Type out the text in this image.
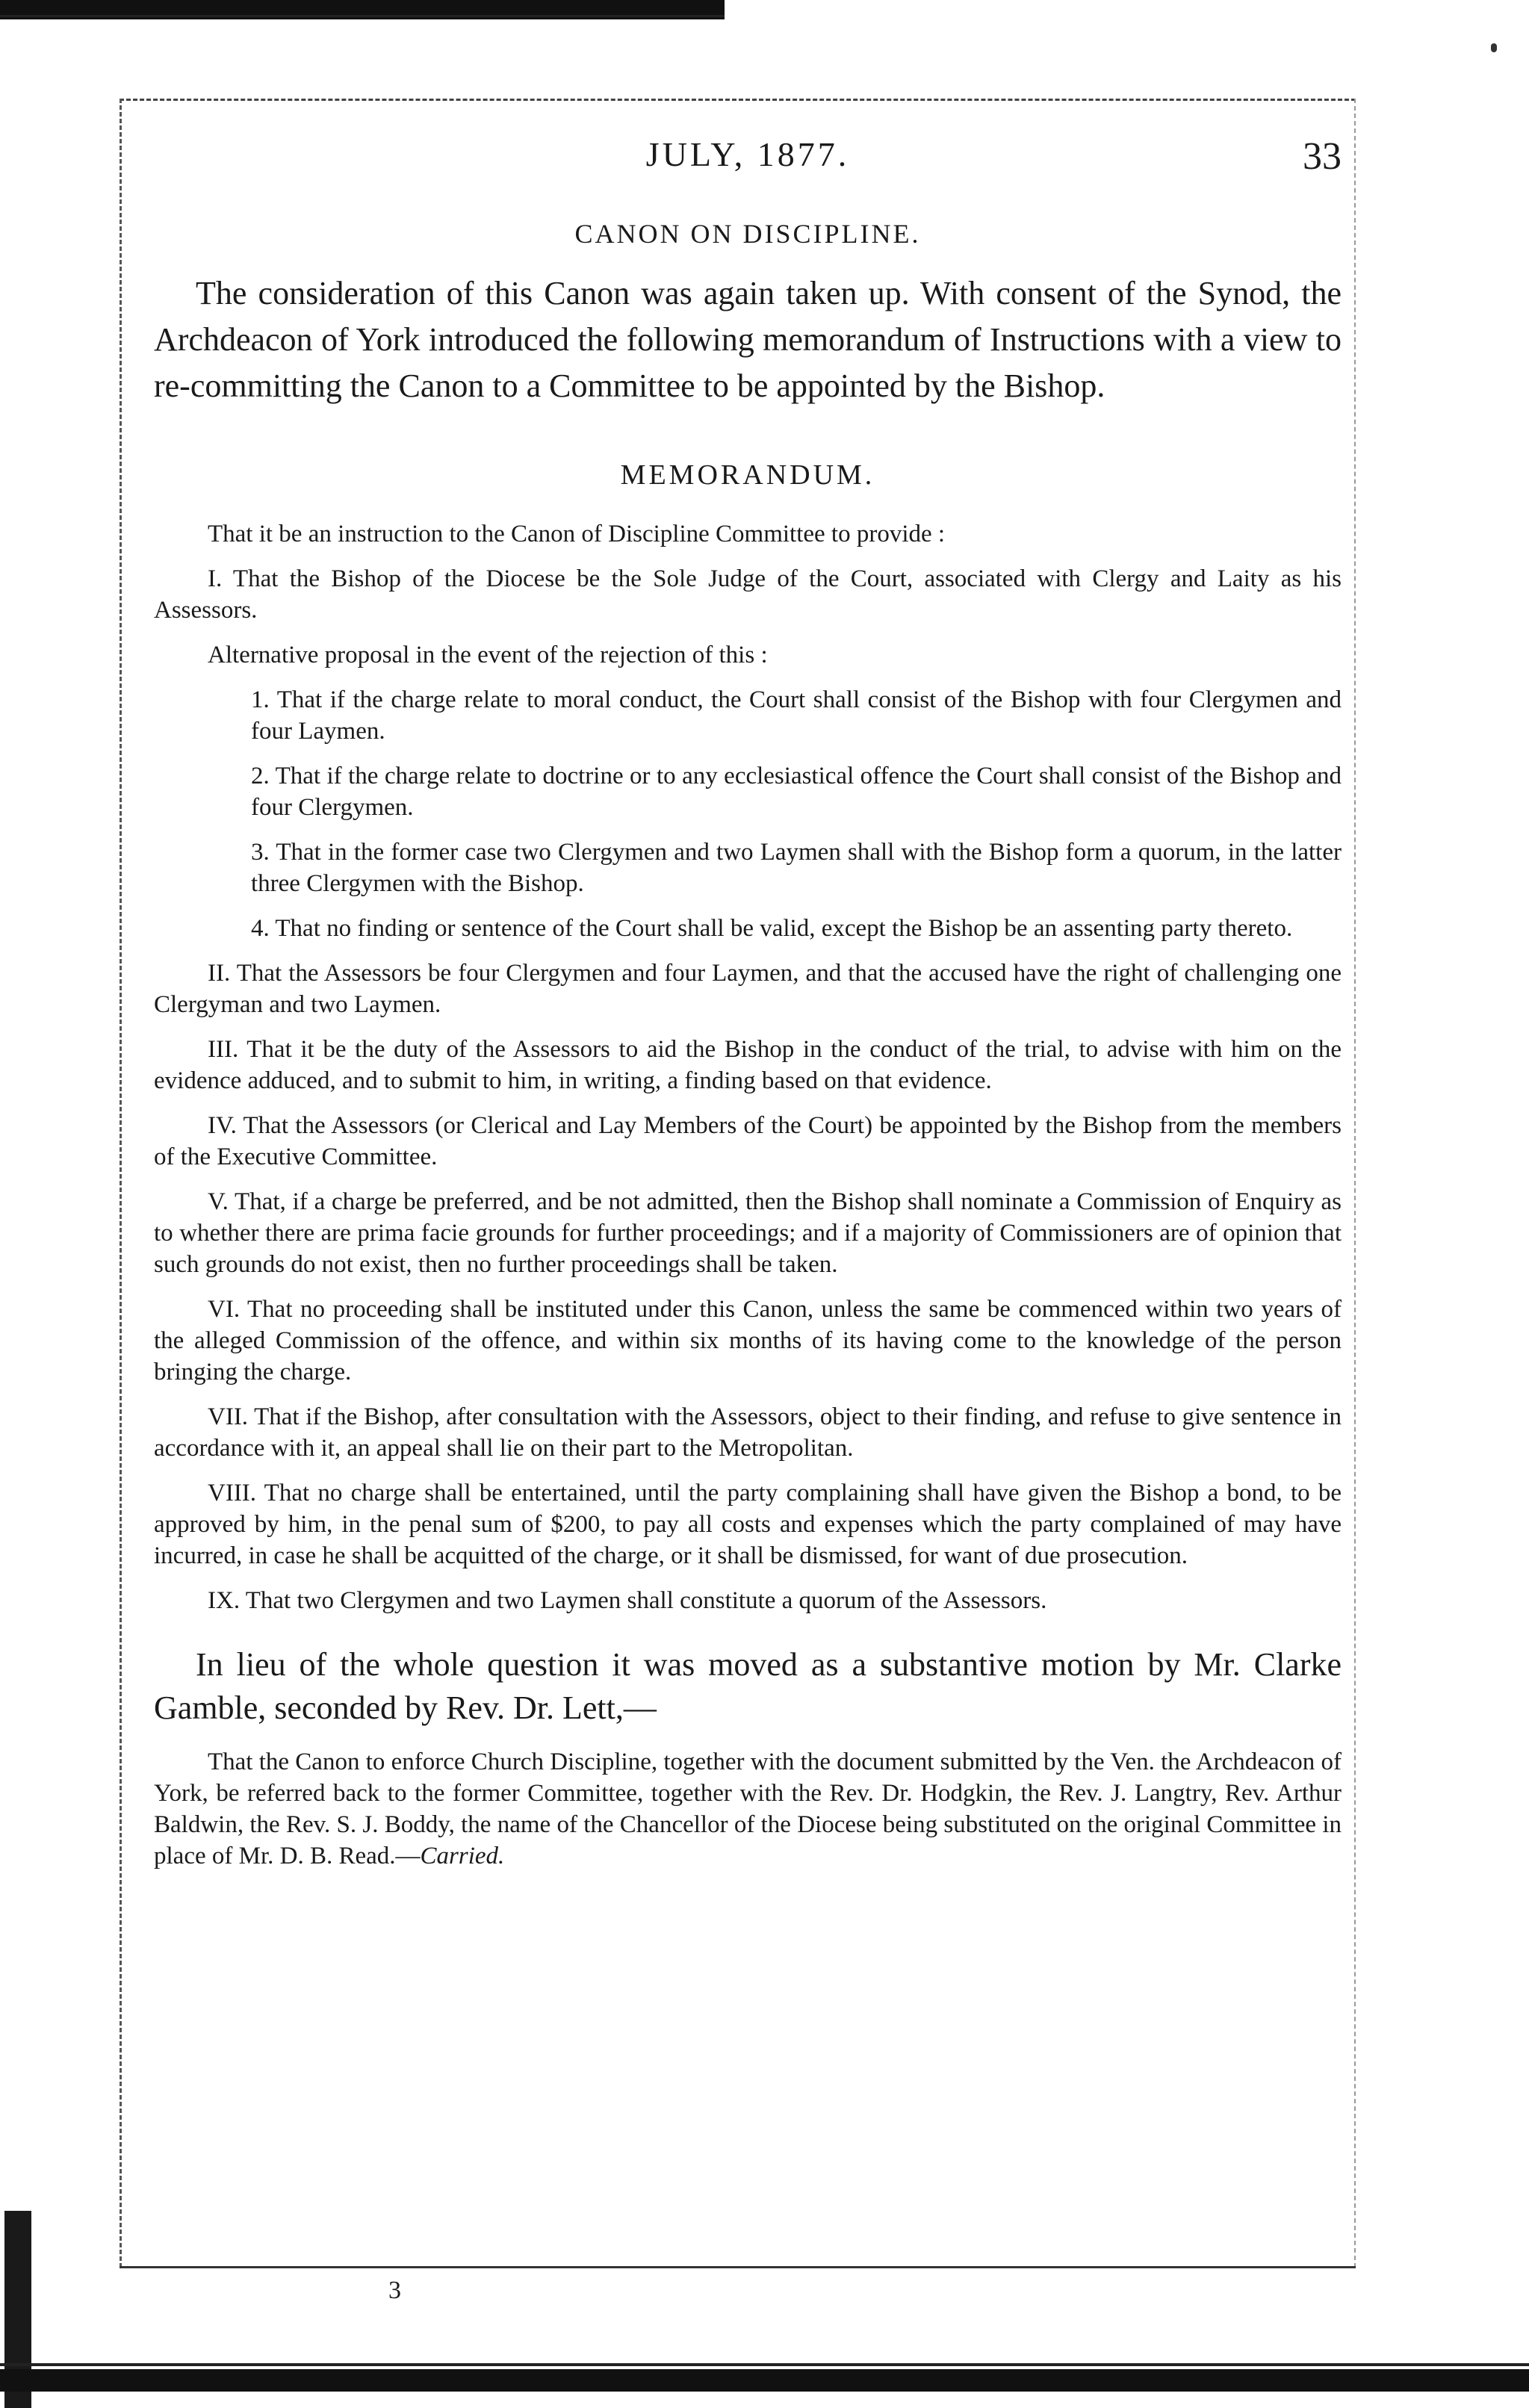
JULY, 1877.	33
CANON ON DISCIPLINE.

The consideration of this Canon was again taken up. With consent of the Synod, the Archdeacon of York introduced the following memorandum of Instructions with a view to re-committing the Canon to a Committee to be appointed by the Bishop.

MEMORANDUM.

That it be an instruction to the Canon of Discipline Committee to provide :

I. That the Bishop of the Diocese be the Sole Judge of the Court, associated with Clergy and Laity as his Assessors.

Alternative proposal in the event of the rejection of this :

1. That if the charge relate to moral conduct, the Court shall consist of the Bishop with four Clergymen and four Laymen.
2. That if the charge relate to doctrine or to any ecclesiastical offence the Court shall consist of the Bishop and four Clergymen.
3. That in the former case two Clergymen and two Laymen shall with the Bishop form a quorum, in the latter three Clergymen with the Bishop.
4. That no finding or sentence of the Court shall be valid, except the Bishop be an assenting party thereto.

II. That the Assessors be four Clergymen and four Laymen, and that the accused have the right of challenging one Clergyman and two Laymen.

III. That it be the duty of the Assessors to aid the Bishop in the conduct of the trial, to advise with him on the evidence adduced, and to submit to him, in writing, a finding based on that evidence.

IV. That the Assessors (or Clerical and Lay Members of the Court) be appointed by the Bishop from the members of the Executive Committee.

V. That, if a charge be preferred, and be not admitted, then the Bishop shall nominate a Commission of Enquiry as to whether there are prima facie grounds for further proceedings; and if a majority of Commissioners are of opinion that such grounds do not exist, then no further proceedings shall be taken.

VI. That no proceeding shall be instituted under this Canon, unless the same be commenced within two years of the alleged Commission of the offence, and within six months of its having come to the knowledge of the person bringing the charge.

VII. That if the Bishop, after consultation with the Assessors, object to their finding, and refuse to give sentence in accordance with it, an appeal shall lie on their part to the Metropolitan.

VIII. That no charge shall be entertained, until the party complaining shall have given the Bishop a bond, to be approved by him, in the penal sum of $200, to pay all costs and expenses which the party complained of may have incurred, in case he shall be acquitted of the charge, or it shall be dismissed, for want of due prosecution.

IX. That two Clergymen and two Laymen shall constitute a quorum of the Assessors.

In lieu of the whole question it was moved as a substantive motion by Mr. Clarke Gamble, seconded by Rev. Dr. Lett,—

That the Canon to enforce Church Discipline, together with the document submitted by the Ven. the Archdeacon of York, be referred back to the former Committee, together with the Rev. Dr. Hodgkin, the Rev. J. Langtry, Rev. Arthur Baldwin, the Rev. S. J. Boddy, the name of the Chancellor of the Diocese being substituted on the original Committee in place of Mr. D. B. Read.—Carried.

3
